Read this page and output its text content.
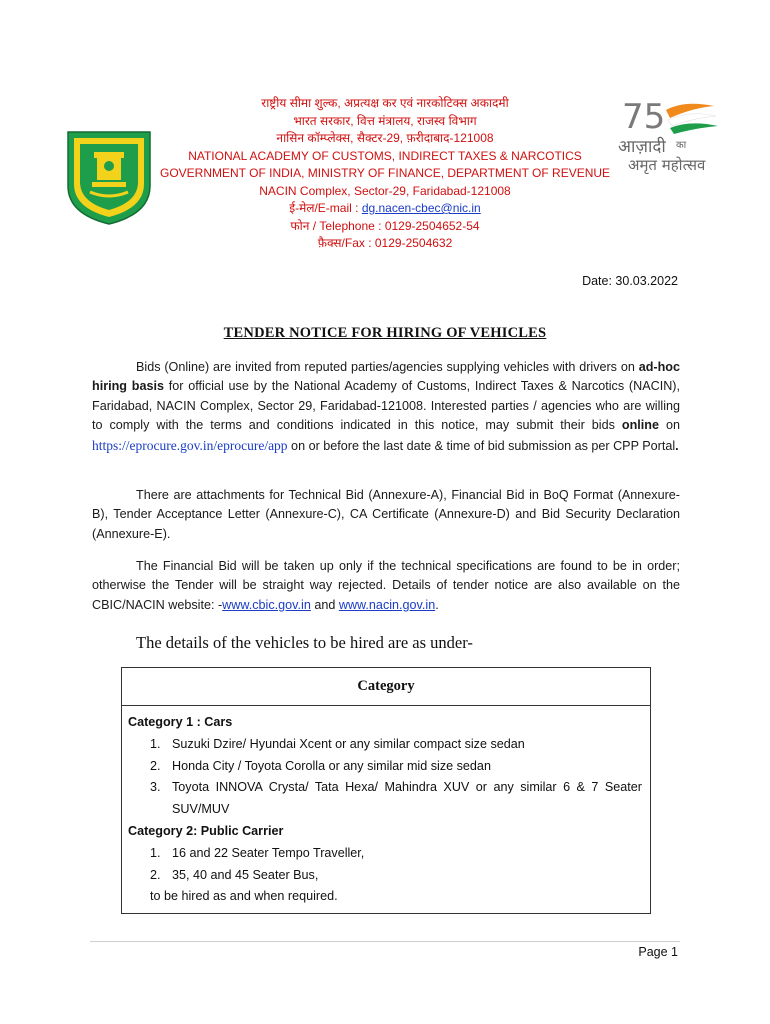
75
आज़ादी का
अमृत महोत्सव
राष्ट्रीय सीमा शुल्क, अप्रत्यक्ष कर एवं नारकोटिक्स अकादमी
भारत सरकार, वित्त मंत्रालय, राजस्व विभाग
नासिन कॉम्प्लेक्स, सैक्टर-29, फ़रीदाबाद-121008
NATIONAL ACADEMY OF CUSTOMS, INDIRECT TAXES & NARCOTICS
GOVERNMENT OF INDIA, MINISTRY OF FINANCE, DEPARTMENT OF REVENUE
NACIN Complex, Sector-29, Faridabad-121008
ई-मेल/E-mail : dg.nacen-cbec@nic.in
फोन / Telephone : 0129-2504652-54
फ़ैक्स/Fax : 0129-2504632
Date: 30.03.2022
TENDER NOTICE FOR HIRING OF VEHICLES
Bids (Online) are invited from reputed parties/agencies supplying vehicles with drivers on ad-hoc hiring basis for official use by the National Academy of Customs, Indirect Taxes & Narcotics (NACIN), Faridabad, NACIN Complex, Sector 29, Faridabad-121008. Interested parties / agencies who are willing to comply with the terms and conditions indicated in this notice, may submit their bids online on https://eprocure.gov.in/eprocure/app on or before the last date & time of bid submission as per CPP Portal.
There are attachments for Technical Bid (Annexure-A), Financial Bid in BoQ Format (Annexure-B), Tender Acceptance Letter (Annexure-C), CA Certificate (Annexure-D) and Bid Security Declaration (Annexure-E).
The Financial Bid will be taken up only if the technical specifications are found to be in order; otherwise the Tender will be straight way rejected. Details of tender notice are also available on the CBIC/NACIN website: -www.cbic.gov.in and www.nacin.gov.in.
The details of the vehicles to be hired are as under-
Category

Category 1 : Cars
1. Suzuki Dzire/ Hyundai Xcent or any similar compact size sedan
2. Honda City / Toyota Corolla or any similar mid size sedan
3. Toyota INNOVA Crysta/ Tata Hexa/ Mahindra XUV or any similar 6 & 7 Seater SUV/MUV
Category 2: Public Carrier
1. 16 and 22 Seater Tempo Traveller,
2. 35, 40 and 45 Seater Bus,
to be hired as and when required.
Page 1
